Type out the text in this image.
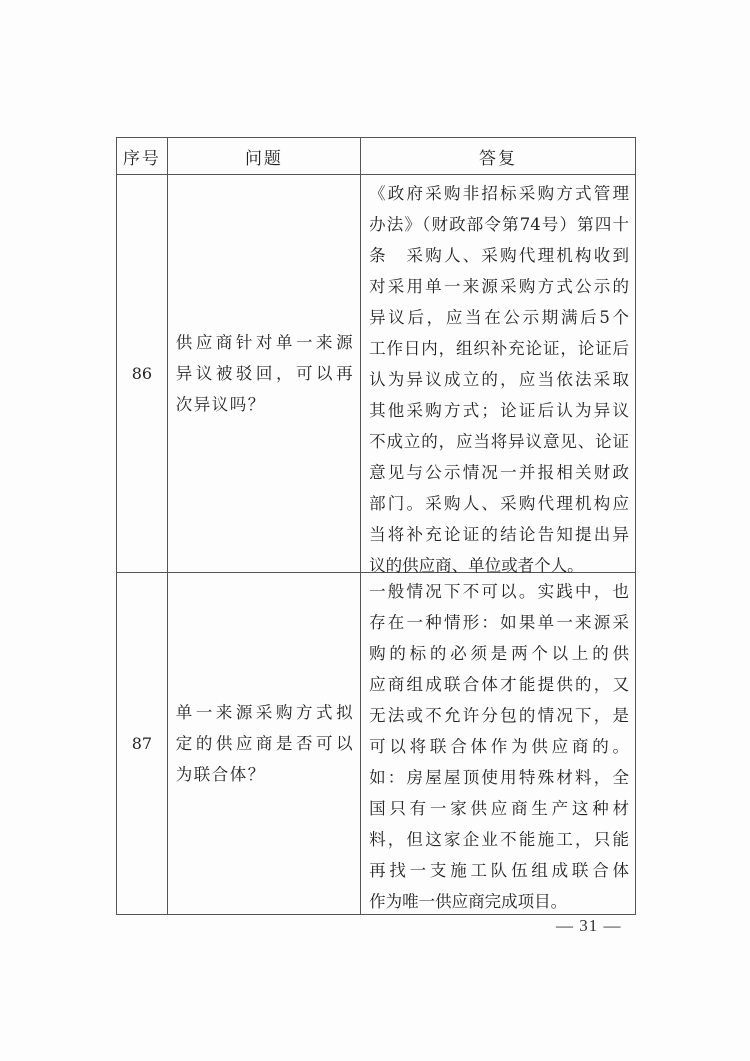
序号	问题	答复
86
供应商针对单一来源异议被驳回，可以再次异议吗？
《政府采购非招标采购方式管理
办法》（财政部令第74号）第四十
条　采购人、采购代理机构收到
对采用单一来源采购方式公示的
异议后，应当在公示期满后5个
工作日内，组织补充论证，论证后
认为异议成立的，应当依法采取
其他采购方式；论证后认为异议
不成立的，应当将异议意见、论证
意见与公示情况一并报相关财政
部门。采购人、采购代理机构应
当将补充论证的结论告知提出异
议的供应商、单位或者个人。
87
单一来源采购方式拟定的供应商是否可以为联合体？
一般情况下不可以。实践中，也
存在一种情形：如果单一来源采
购的标的必须是两个以上的供
应商组成联合体才能提供的，又
无法或不允许分包的情况下，是
可以将联合体作为供应商的。
如：房屋屋顶使用特殊材料，全
国只有一家供应商生产这种材
料，但这家企业不能施工，只能
再找一支施工队伍组成联合体
作为唯一供应商完成项目。
— 31 —
